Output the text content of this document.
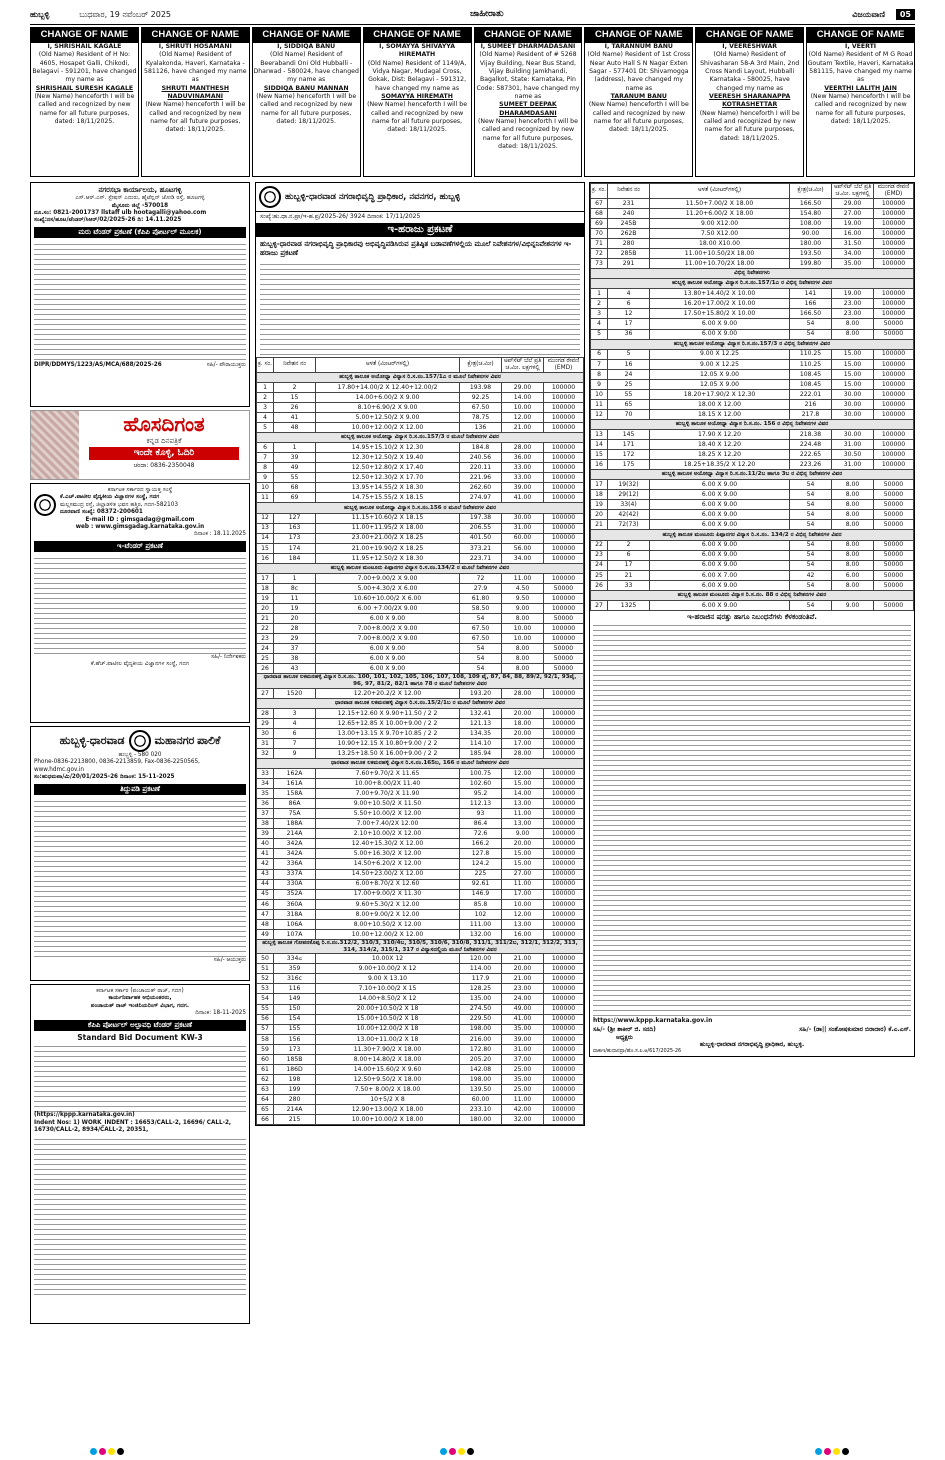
ಹುಬ್ಬಳ್ಳಿ	ಬುಧವಾರ, 19 ನವೆಂಬರ್ 2025	ಜಾಹೀರಾತು	ವಿಜಯವಾಣಿ	05
CHANGE OF NAME
I, SHRISHAIL KAGALE
(Old Name) Resident of H No: 4605, Hosapet Galli, Chikodi, Belagavi - 591201, have changed my name as
SHRISHAIL SURESH KAGALE
(New Name) henceforth I will be called and recognized by new name for all future purposes, dated: 18/11/2025.
CHANGE OF NAME
I, SHRUTI HOSAMANI
(Old Name) Resident of Kyalakonda, Haveri, Karnataka - 581126, have changed my name as
SHRUTI MANTHESH NADUVINAMANI
(New Name) henceforth I will be called and recognized by new name for all future purposes, dated: 18/11/2025.
CHANGE OF NAME
I, SIDDIQA BANU
(Old Name) Resident of Beerabandi Oni Old Hubballi - Dharwad - 580024, have changed my name as
SIDDIQA BANU MANNAN
(New Name) henceforth I will be called and recognized by new name for all future purposes, dated: 18/11/2025.
CHANGE OF NAME
I, SOMAYYA SHIVAYYA HIREMATH
(Old Name) Resident of 1149/A, Vidya Nagar, Mudagal Cross, Gokak, Dist: Belagavi - 591312, have changed my name as
SOMAYYA HIREMATH
(New Name) henceforth I will be called and recognized by new name for all future purposes, dated: 18/11/2025.
CHANGE OF NAME
I, SUMEET DHARMADASANI
(Old Name) Resident of # 5268 Vijay Building, Near Bus Stand, Vijay Building Jamkhandi, Bagalkot, State: Karnataka, Pin Code: 587301, have changed my name as
SUMEET DEEPAK DHARAMDASANI
(New Name) henceforth I will be called and recognized by new name for all future purposes, dated: 18/11/2025.
CHANGE OF NAME
I, TARANNUM BANU
(Old Name) Resident of 1st Cross Near Auto Hall S N Nagar Exten Sagar - 577401 Dt: Shivamogga (address), have changed my name as
TARANUM BANU
(New Name) henceforth I will be called and recognized by new name for all future purposes, dated: 18/11/2025.
CHANGE OF NAME
I, VEERESHWAR
(Old Name) Resident of Shivasharan 58-A 3rd Main, 2nd Cross Nandi Layout, Hubballi Karnataka - 580025, have changed my name as
VEERESH SHARANAPPA KOTRASHETTAR
(New Name) henceforth I will be called and recognized by new name for all future purposes, dated: 18/11/2025.
CHANGE OF NAME
I, VEERTI
(Old Name) Resident of M G Road Goutam Textile, Haveri, Karnataka 581115, have changed my name as
VEERTHI LALITH JAIN
(New Name) henceforth I will be called and recognized by new name for all future purposes, dated: 18/11/2025.
ನಗರಸಭಾ ಕಾರ್ಯಾಲಯ, ಹೂಟಗಳ್ಳಿ
ಎಸ್.ಆರ್.ಎಸ್. ಸ್ಟೇಷನ್ ಎದುರು, ಹೈಟೆನ್ಷನ್ ಜೋಡಿ ರಸ್ತೆ, ಹೂಟಗಳ್ಳಿ
ಮೈಸೂರು ಜಿಲ್ಲೆ -570018
ದೂ.ಸಂ: 0821-2001737 llstaff ulb hootagalli@yahoo.com
ಸಂಖ್ಯೆ:ನಸ/ಹೂಟ/ಟೆಂಡರ್/ಸಿಆರ್/02/2025-26 ದಿ: 14.11.2025
ಮರು ಟೆಂಡರ್ ಪ್ರಕಟಣೆ (ಕೆಪಿಪಿ ಪೋರ್ಟಲ್ ಮೂಲಕ)
DIPR/DDMYS/1223/AS/MCA/688/2025-26	ಸಹಿ/- ಪೌರಾಯುಕ್ತರು
ಹೊಸದಿಗಂತ
ಕನ್ನಡ ದಿನಪತ್ರಿಕೆ
ಇಂದೇ ಕೊಳ್ಳಿ, ಓದಿರಿ
ಚಂದಾ: 0836-2350048
ಕರ್ನಾಟಕ ಸರ್ಕಾರದ ಸ್ವಾಯತ್ತ ಸಂಸ್ಥೆ
ಕೆ.ಎಚ್.ಪಾಟೀಲ ವೈದ್ಯಕೀಯ ವಿಜ್ಞಾನಗಳ ಸಂಸ್ಥೆ, ಗದಗ
ಮಲ್ಲಸಮುದ್ರ ರಸ್ತೆ, ಜಿಲ್ಲಾಡಳಿತ ಭವನ ಹತ್ತಿರ, ಗದಗ-582103
ದೂರವಾಣಿ ಸಂಖ್ಯೆ: 08372-200601
E-mail ID : gimsgadag@gmail.com
web : www.gimsgadag.karnataka.gov.in
ದಿನಾಂಕ : 18.11.2025
ಇ-ಟೆಂಡರ್ ಪ್ರಕಟಣೆ
ಸಹಿ/- ನಿರ್ದೇಶಕರು
ಕೆ.ಹೆಚ್.ಪಾಟೀಲ ವೈದ್ಯಕೀಯ ವಿಜ್ಞಾನಗಳ ಸಂಸ್ಥೆ, ಗದಗ
ಹುಬ್ಬಳ್ಳಿ-ಧಾರವಾಡ	ಮಹಾನಗರ ಪಾಲಿಕೆ
ಹುಬ್ಬಳ್ಳಿ - 580 020
Phone-0836-2213800, 0836-2213859, Fax-0836-2250565, www.hdmc.gov.in
ಸಂ:ಹುಧಮಪಾ/ಮಿ/20/01/2025-26 ದಿನಾಂಕ: 15-11-2025
ತಿದ್ದುಪಡಿ ಪ್ರಕಟಣೆ
ಸಹಿ/- ಆಯುಕ್ತರು
ಕರ್ನಾಟಕ ಸರ್ಕಾರ (ಪಂಚಾಯತ್ ರಾಜ್, ಗದಗ)
ಕಾರ್ಯನಿರ್ವಾಹಕ ಅಭಿಯಂತರರು,
ಪಂಚಾಯತ್ ರಾಜ್ ಇಂಜಿನಿಯರಿಂಗ್ ವಿಭಾಗ, ಗದಗ.
ದಿನಾಂಕ: 18-11-2025
ಕೆಪಿಪಿ ಪೋರ್ಟಲ್ ಅಲ್ಪಾವಧಿ ಟೆಂಡರ್ ಪ್ರಕಟಣೆ
Standard Bid Document KW-3
(https://kppp.karnataka.gov.in)
Indent Nos: 1) WORK_INDENT : 16653/CALL-2, 16696/ CALL-2, 16730/CALL-2, 8934/CALL-2, 20351,
ಹುಬ್ಬಳ್ಳಿ-ಧಾರವಾಡ ನಗರಾಭಿವೃದ್ಧಿ ಪ್ರಾಧಿಕಾರ, ನವನಗರ, ಹುಬ್ಬಳ್ಳಿ
ಸಂಖ್ಯೆ:ಹು.ಧಾ.ನ.ಪ್ರಾ/ಇ-ಹ.ಪ್ರ/2025-26/ 3924 ದಿನಾಂಕ: 17/11/2025
ಇ-ಹರಾಜು ಪ್ರಕಟಣೆ
ಹುಬ್ಬಳ್ಳಿ-ಧಾರವಾಡ ನಗರಾಭಿವೃದ್ಧಿ ಪ್ರಾಧಿಕಾರವು ಅಭಿವೃದ್ಧಿಪಡಿಸಿರುವ ಪ್ರತಿಷ್ಠಿತ ಬಡಾವಣೆಗಳಲ್ಲಿಯ ಮೂಲೆ ನಿವೇಶನಗಳ/ವಿಭಿನ್ನನಿವೇಶನಗಳ ಇ-ಹರಾಜು ಪ್ರಕಟಣೆ
ಕ್ರ. ಸಂ.	ನಿವೇಶನ ನಂ	ಅಳತೆ (ಮೀಟರ್‌ಗಳಲ್ಲಿ)	ಕ್ಷೇತ್ರ(ಚ.ಮೀ)	ಅಪ್‌ಸೆಟ್ ಬೆಲೆ ಪ್ರತಿ ಚ.ಮೀ. ಲಕ್ಷಗಳಲ್ಲಿ	ಮುಂಗಡ ಠೇವಣಿ (EMD)
ಹುಬ್ಬಳ್ಳಿ ತಾಲೂಕ ಅಯೋಧ್ಯಾ ವಿನ್ಯಾಸ ರಿ.ಸ.ನಂ.157/1ಎ ರ ಮೂಲೆ ನಿವೇಶನಗಳ ವಿವರ					
1	2	17.80+14.00/2 X 12.40+12.00/2	193.98	29.00	100000
2	15	14.00+6.00/2 X 9.00	92.25	14.00	100000
3	26	8.10+6.90/2 X 9.00	67.50	10.00	100000
4	41	5.00+12.50/2 X 9.00	78.75	12.00	100000
5	48	10.00+12.00/2 X 12.00	136	21.00	100000
ಹುಬ್ಬಳ್ಳಿ ತಾಲೂಕ ಅಯೋಧ್ಯಾ ವಿನ್ಯಾಸ ರಿ.ಸ.ನಂ.157/3 ರ ಮೂಲೆ ನಿವೇಶನಗಳ ವಿವರ					
6	1	14.95+15.10/2 X 12.30	184.8	28.00	100000
7	39	12.30+12.50/2 X 19.40	240.56	36.00	100000
8	49	12.50+12.80/2 X 17.40	220.11	33.00	100000
9	55	12.50+12.30/2 X 17.70	221.96	33.00	100000
10	68	13.95+14.55/2 X 18.30	262.60	39.00	100000
11	69	14.75+15.55/2 X 18.15	274.97	41.00	100000
ಹುಬ್ಬಳ್ಳಿ ತಾಲೂಕ ಅಯೋಧ್ಯಾ ವಿನ್ಯಾಸ ರಿ.ಸ.ನಂ.156 ರ ಮೂಲೆ ನಿವೇಶನಗಳ ವಿವರ					
12	127	11.15+10.60/2 X 18.15	197.38	30.00	100000
13	163	11.00+11.95/2 X 18.00	206.55	31.00	100000
14	173	23.00+21.00/2 X 18.25	401.50	60.00	100000
15	174	21.00+19.90/2 X 18.25	373.21	56.00	100000
16	184	11.95+12.50/2 X 18.30	223.71	34.00	100000
ಹುಬ್ಬಳ್ಳಿ ತಾಲೂಕ ಮಂಟೂರು ಪಿಪ್ಪಾನಗರ ವಿನ್ಯಾಸ ರಿ.ಸ.ನಂ.134/2 ರ ಮೂಲೆ ನಿವೇಶನಗಳ ವಿವರ					
17	1	7.00+9.00/2 X 9.00	72	11.00	100000
18	8c	5.00+4.30/2 X 6.00	27.9	4.50	50000
19	11	10.60+10.00/2 X 6.00	61.80	9.50	100000
20	19	6.00 +7.00/2X 9.00	58.50	9.00	100000
21	20	6.00 X 9.00	54	8.00	50000
22	28	7.00+8.00/2 X 9.00	67.50	10.00	100000
23	29	7.00+8.00/2 X 9.00	67.50	10.00	100000
24	37	6.00 X 9.00	54	8.00	50000
25	38	6.00 X 9.00	54	8.00	50000
26	43	6.00 X 9.00	54	8.00	50000
ಧಾರವಾಡ ತಾಲೂಕ ಲಕಮನಹಳ್ಳಿ ವಿನ್ಯಾಸ ರಿ.ಸ.ನಂ. 100, 101, 102, 105, 106, 107, 108, 109 ಪೈ, 87, 84, 88, 89/2, 92/1, 93ಪೈ, 96, 97, 81/2, 82/1 ಹಾಗೂ 78 ರ ಮೂಲೆ ನಿವೇಶನಗಳ ವಿವರ					
27	1520	12.20+20.2/2 X 12.00	193.20	28.00	100000
ಧಾರವಾಡ ತಾಲೂಕ ಲಕಮನಹಳ್ಳಿ ವಿನ್ಯಾಸ ರಿ.ಸ.ನಂ.15/2/1ಬ ರ ಮೂಲೆ ನಿವೇಶನಗಳ ವಿವರ					
28	3	12.15+12.60 X 9.90+11.50 / 2 2	132.41	20.00	100000
29	4	12.65+12.85 X 10.00+9.00 / 2 2	121.13	18.00	100000
30	6	13.00+13.15 X 9.70+10.85 / 2 2	134.35	20.00	100000
31	7	10.90+12.15 X 10.80+9.00 / 2 2	114.10	17.00	100000
32	9	13.25+18.50 X 16.00+9.00 / 2 2	185.94	28.00	100000
ಧಾರವಾಡ ತಾಲೂಕ ಲಕಮನಹಳ್ಳಿ ವಿನ್ಯಾಸ ರಿ.ಸ.ನಂ.165ಬ, 166 ರ ಮೂಲೆ ನಿವೇಶನಗಳ ವಿವರ					
33	162A	7.60+9.70/2 X 11.65	100.75	12.00	100000
34	161A	10.00+8.00/2X 11.40	102.60	15.00	100000
35	158A	7.00+9.70/2 X 11.90	95.2	14.00	100000
36	86A	9.00+10.50/2 X 11.50	112.13	13.00	100000
37	75A	5.50+10.00/2 X 12.00	93	11.00	100000
38	188A	7.00+7.40/2X 12.00	86.4	13.00	100000
39	214A	2.10+10.00/2 X 12.00	72.6	9.00	100000
40	342A	12.40+15.30/2 X 12.00	166.2	20.00	100000
41	342A	5.00+16.30/2 X 12.00	127.8	15.00	100000
42	336A	14.50+6.20/2 X 12.00	124.2	15.00	100000
43	337A	14.50+23.00/2 X 12.00	225	27.00	100000
44	330A	6.00+8.70/2 X 12.60	92.61	11.00	100000
45	352A	17.00+9.00/2 X 11.30	146.9	17.00	100000
46	360A	9.60+5.30/2 X 12.00	85.8	10.00	100000
47	318A	8.00+9.00/2 X 12.00	102	12.00	100000
48	106A	8.00+10.50/2 X 12.00	111.00	13.00	100000
49	107A	10.00+12.00/2 X 12.00	132.00	16.00	100000
ಹುಬ್ಬಳ್ಳಿ ತಾಲೂಕ ಗೋಪನಕೊಪ್ಪ ರಿ.ಸ.ನಂ.312/2, 310/3, 310/4ಬ, 310/5, 310/6, 310/8, 311/1, 311/2ಬ, 312/1, 312/2, 313, 314, 314/2, 315/1, 317 ರ ವಿನ್ಯಾಸದಲ್ಲಿಯ ಮೂಲೆ ನಿವೇಶನಗಳ ವಿವರ					
50	334ಎ	10.00X 12	120.00	21.00	100000
51	359	9.00+10.00/2 X 12	114.00	20.00	100000
52	316c	9.00 X 13.10	117.9	21.00	100000
53	116	7.10+10.00/2 X 15	128.25	23.00	100000
54	149	14.00+8.50/2 X 12	135.00	24.00	100000
55	150	20.00+10.50/2 X 18	274.50	49.00	100000
56	154	15.00+10.50/2 X 18	229.50	41.00	100000
57	155	10.00+12.00/2 X 18	198.00	35.00	100000
58	156	13.00+11.00/2 X 18	216.00	39.00	100000
59	173	11.30+7.90/2 X 18.00	172.80	31.00	100000
60	185B	8.00+14.80/2 X 18.00	205.20	37.00	100000
61	186D	14.00+15.60/2 X 9.60	142.08	25.00	100000
62	198	12.50+9.50/2 X 18.00	198.00	35.00	100000
63	199	7.50+ 8.00/2 X 18.00	139.50	25.00	100000
64	280	10+5/2 X 8	60.00	11.00	100000
65	214A	12.90+13.00/2 X 18.00	233.10	42.00	100000
66	215	10.00+10.00/2 X 18.00	180.00	32.00	100000
ಕ್ರ. ಸಂ.	ನಿವೇಶನ ನಂ	ಅಳತೆ (ಮೀಟರ್‌ಗಳಲ್ಲಿ)	ಕ್ಷೇತ್ರ(ಚ.ಮೀ)	ಅಪ್‌ಸೆಟ್ ಬೆಲೆ ಪ್ರತಿ ಚ.ಮೀ. ಲಕ್ಷಗಳಲ್ಲಿ	ಮುಂಗಡ ಠೇವಣಿ (EMD)
67	231	11.50+7.00/2 X 18.00	166.50	29.00	100000
68	240	11.20+6.00/2 X 18.00	154.80	27.00	100000
69	245B	9.00 X12.00	108.00	19.00	100000
70	262B	7.50 X12.00	90.00	16.00	100000
71	280	18.00 X10.00	180.00	31.50	100000
72	285B	11.00+10.50/2X 18.00	193.50	34.00	100000
73	291	11.00+10.70/2X 18.00	199.80	35.00	100000
ವಿಭಿನ್ನ ನಿವೇಶನಗಳು					
ಹುಬ್ಬಳ್ಳಿ ತಾಲೂಕ ಅಯೋಧ್ಯಾ ವಿನ್ಯಾಸ ರಿ.ಸ.ನಂ.157/1ಎ ರ ವಿಭಿನ್ನ ನಿವೇಶನಗಳ ವಿವರ					
1	4	13.80+14.40/2 X 10.00	141	19.00	100000
2	6	16.20+17.00/2 X 10.00	166	23.00	100000
3	12	17.50+15.80/2 X 10.00	166.50	23.00	100000
4	17	6.00 X 9.00	54	8.00	50000
5	36	6.00 X 9.00	54	8.00	50000
ಹುಬ್ಬಳ್ಳಿ ತಾಲೂಕ ಅಯೋಧ್ಯಾ ವಿನ್ಯಾಸ ರಿ.ಸ.ನಂ.157/3 ರ ವಿಭಿನ್ನ ನಿವೇಶನಗಳ ವಿವರ					
6	5	9.00 X 12.25	110.25	15.00	100000
7	16	9.00 X 12.25	110.25	15.00	100000
8	24	12.05 X 9.00	108.45	15.00	100000
9	25	12.05 X 9.00	108.45	15.00	100000
10	55	18.20+17.90/2 X 12.30	222.01	30.00	100000
11	65	18.00 X 12.00	216	30.00	100000
12	70	18.15 X 12.00	217.8	30.00	100000
ಹುಬ್ಬಳ್ಳಿ ತಾಲೂಕ ಅಯೋಧ್ಯಾ ವಿನ್ಯಾಸ ರಿ.ಸ.ನಂ. 156 ರ ವಿಭಿನ್ನ ನಿವೇಶನಗಳ ವಿವರ					
13	145	17.90 X 12.20	218.38	30.00	100000
14	171	18.40 X 12.20	224.48	31.00	100000
15	172	18.25 X 12.20	222.65	30.50	100000
16	175	18.25+18.35/2 X 12.20	223.26	31.00	100000
ಹುಬ್ಬಳ್ಳಿ ತಾಲೂಕ ಅಯೋಧ್ಯಾ ವಿನ್ಯಾಸ ರಿ.ಸ.ನಂ.11/2ಬ ಹಾಗೂ 3ಬ ರ ವಿಭಿನ್ನ ನಿವೇಶನಗಳ ವಿವರ					
17	19(32)	6.00 X 9.00	54	8.00	50000
18	29(12)	6.00 X 9.00	54	8.00	50000
19	33(4)	6.00 X 9.00	54	8.00	50000
20	42(42)	6.00 X 9.00	54	8.00	50000
21	72(73)	6.00 X 9.00	54	8.00	50000
ಹುಬ್ಬಳ್ಳಿ ತಾಲೂಕ ಮಂಟೂರು ಪಿಪ್ಪಾನಗರ ವಿನ್ಯಾಸ ರಿ.ಸ.ನಂ. 134/2 ರ ವಿಭಿನ್ನ ನಿವೇಶನಗಳ ವಿವರ					
22	2	6.00 X 9.00	54	8.00	50000
23	6	6.00 X 9.00	54	8.00	50000
24	17	6.00 X 9.00	54	8.00	50000
25	21	6.00 X 7.00	42	6.00	50000
26	33	6.00 X 9.00	54	8.00	50000
ಹುಬ್ಬಳ್ಳಿ ತಾಲೂಕ ಮಂಟೂರು ವಿನ್ಯಾಸ ರಿ.ಸ.ನಂ. 88 ರ ವಿಭಿನ್ನ ನಿವೇಶನಗಳ ವಿವರ					
27	1325	6.00 X 9.00	54	9.00	50000
ಇ-ಹರಾಜಿನ ಷರತ್ತು ಹಾಗೂ ನಿಬಂಧನೆಗಳು ಕೆಳಕಂಡಂತಿವೆ.
https://www.kppp.karnataka.gov.in
ಸಹಿ/- (ಶ್ರೀ ಶಾಕೀರ್ ಜಿ. ಸನದಿ)
ಅಧ್ಯಕ್ಷರು
ಸಹಿ/- (ಡಾ|| ಸಂತೋಷಕುಮಾರ ಬಿರಾದಾರ) ಕೆ.ಎ.ಎಸ್.
ಹುಬ್ಬಳ್ಳಿ-ಧಾರವಾಡ ನಗರಾಭಿವೃದ್ಧಿ ಪ್ರಾಧಿಕಾರ, ಹುಬ್ಬಳ್ಳಿ.
ವಾಕಾಇ/ಹುಧಾನಪ್ರಾ/ಹೊ.ಸ.ಪಿ.ಆ/617/2025-26
